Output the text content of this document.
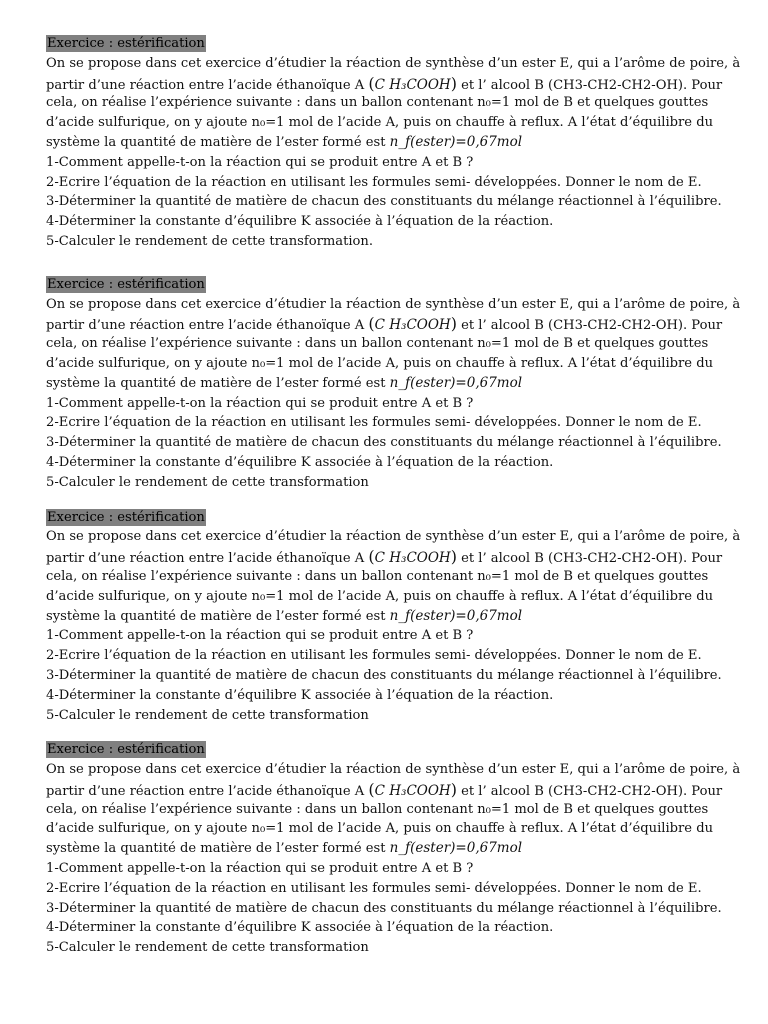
Exercice : estérification
On se propose dans cet exercice d’étudier la réaction de synthèse d’un ester E, qui a l’arôme de poire, à
partir d’une réaction entre l’acide éthanoïque A (C H₃COOH) et l’ alcool B (CH3-CH2-CH2-OH). Pour
cela, on réalise l’expérience suivante : dans un ballon contenant n₀=1 mol de B et quelques gouttes
d’acide sulfurique, on y ajoute n₀=1 mol de l’acide A, puis on chauffe à reflux. A l’état d’équilibre du
système la quantité de matière de l’ester formé est n_f(ester)=0,67mol
1-Comment appelle-t-on la réaction qui se produit entre A et B ?
2-Ecrire l’équation de la réaction en utilisant les formules semi- développées. Donner le nom de E.
3-Déterminer la quantité de matière de chacun des constituants du mélange réactionnel à l’équilibre.
4-Déterminer la constante d’équilibre K associée à l’équation de la réaction.
5-Calculer le rendement de cette transformation.
Exercice : estérification
On se propose dans cet exercice d’étudier la réaction de synthèse d’un ester E, qui a l’arôme de poire, à
partir d’une réaction entre l’acide éthanoïque A (C H₃COOH) et l’ alcool B (CH3-CH2-CH2-OH). Pour
cela, on réalise l’expérience suivante : dans un ballon contenant n₀=1 mol de B et quelques gouttes
d’acide sulfurique, on y ajoute n₀=1 mol de l’acide A, puis on chauffe à reflux. A l’état d’équilibre du
système la quantité de matière de l’ester formé est n_f(ester)=0,67mol
1-Comment appelle-t-on la réaction qui se produit entre A et B ?
2-Ecrire l’équation de la réaction en utilisant les formules semi- développées. Donner le nom de E.
3-Déterminer la quantité de matière de chacun des constituants du mélange réactionnel à l’équilibre.
4-Déterminer la constante d’équilibre K associée à l’équation de la réaction.
5-Calculer le rendement de cette transformation
Exercice : estérification
On se propose dans cet exercice d’étudier la réaction de synthèse d’un ester E, qui a l’arôme de poire, à
partir d’une réaction entre l’acide éthanoïque A (C H₃COOH) et l’ alcool B (CH3-CH2-CH2-OH). Pour
cela, on réalise l’expérience suivante : dans un ballon contenant n₀=1 mol de B et quelques gouttes
d’acide sulfurique, on y ajoute n₀=1 mol de l’acide A, puis on chauffe à reflux. A l’état d’équilibre du
système la quantité de matière de l’ester formé est n_f(ester)=0,67mol
1-Comment appelle-t-on la réaction qui se produit entre A et B ?
2-Ecrire l’équation de la réaction en utilisant les formules semi- développées. Donner le nom de E.
3-Déterminer la quantité de matière de chacun des constituants du mélange réactionnel à l’équilibre.
4-Déterminer la constante d’équilibre K associée à l’équation de la réaction.
5-Calculer le rendement de cette transformation
Exercice : estérification
On se propose dans cet exercice d’étudier la réaction de synthèse d’un ester E, qui a l’arôme de poire, à
partir d’une réaction entre l’acide éthanoïque A (C H₃COOH) et l’ alcool B (CH3-CH2-CH2-OH). Pour
cela, on réalise l’expérience suivante : dans un ballon contenant n₀=1 mol de B et quelques gouttes
d’acide sulfurique, on y ajoute n₀=1 mol de l’acide A, puis on chauffe à reflux. A l’état d’équilibre du
système la quantité de matière de l’ester formé est n_f(ester)=0,67mol
1-Comment appelle-t-on la réaction qui se produit entre A et B ?
2-Ecrire l’équation de la réaction en utilisant les formules semi- développées. Donner le nom de E.
3-Déterminer la quantité de matière de chacun des constituants du mélange réactionnel à l’équilibre.
4-Déterminer la constante d’équilibre K associée à l’équation de la réaction.
5-Calculer le rendement de cette transformation
